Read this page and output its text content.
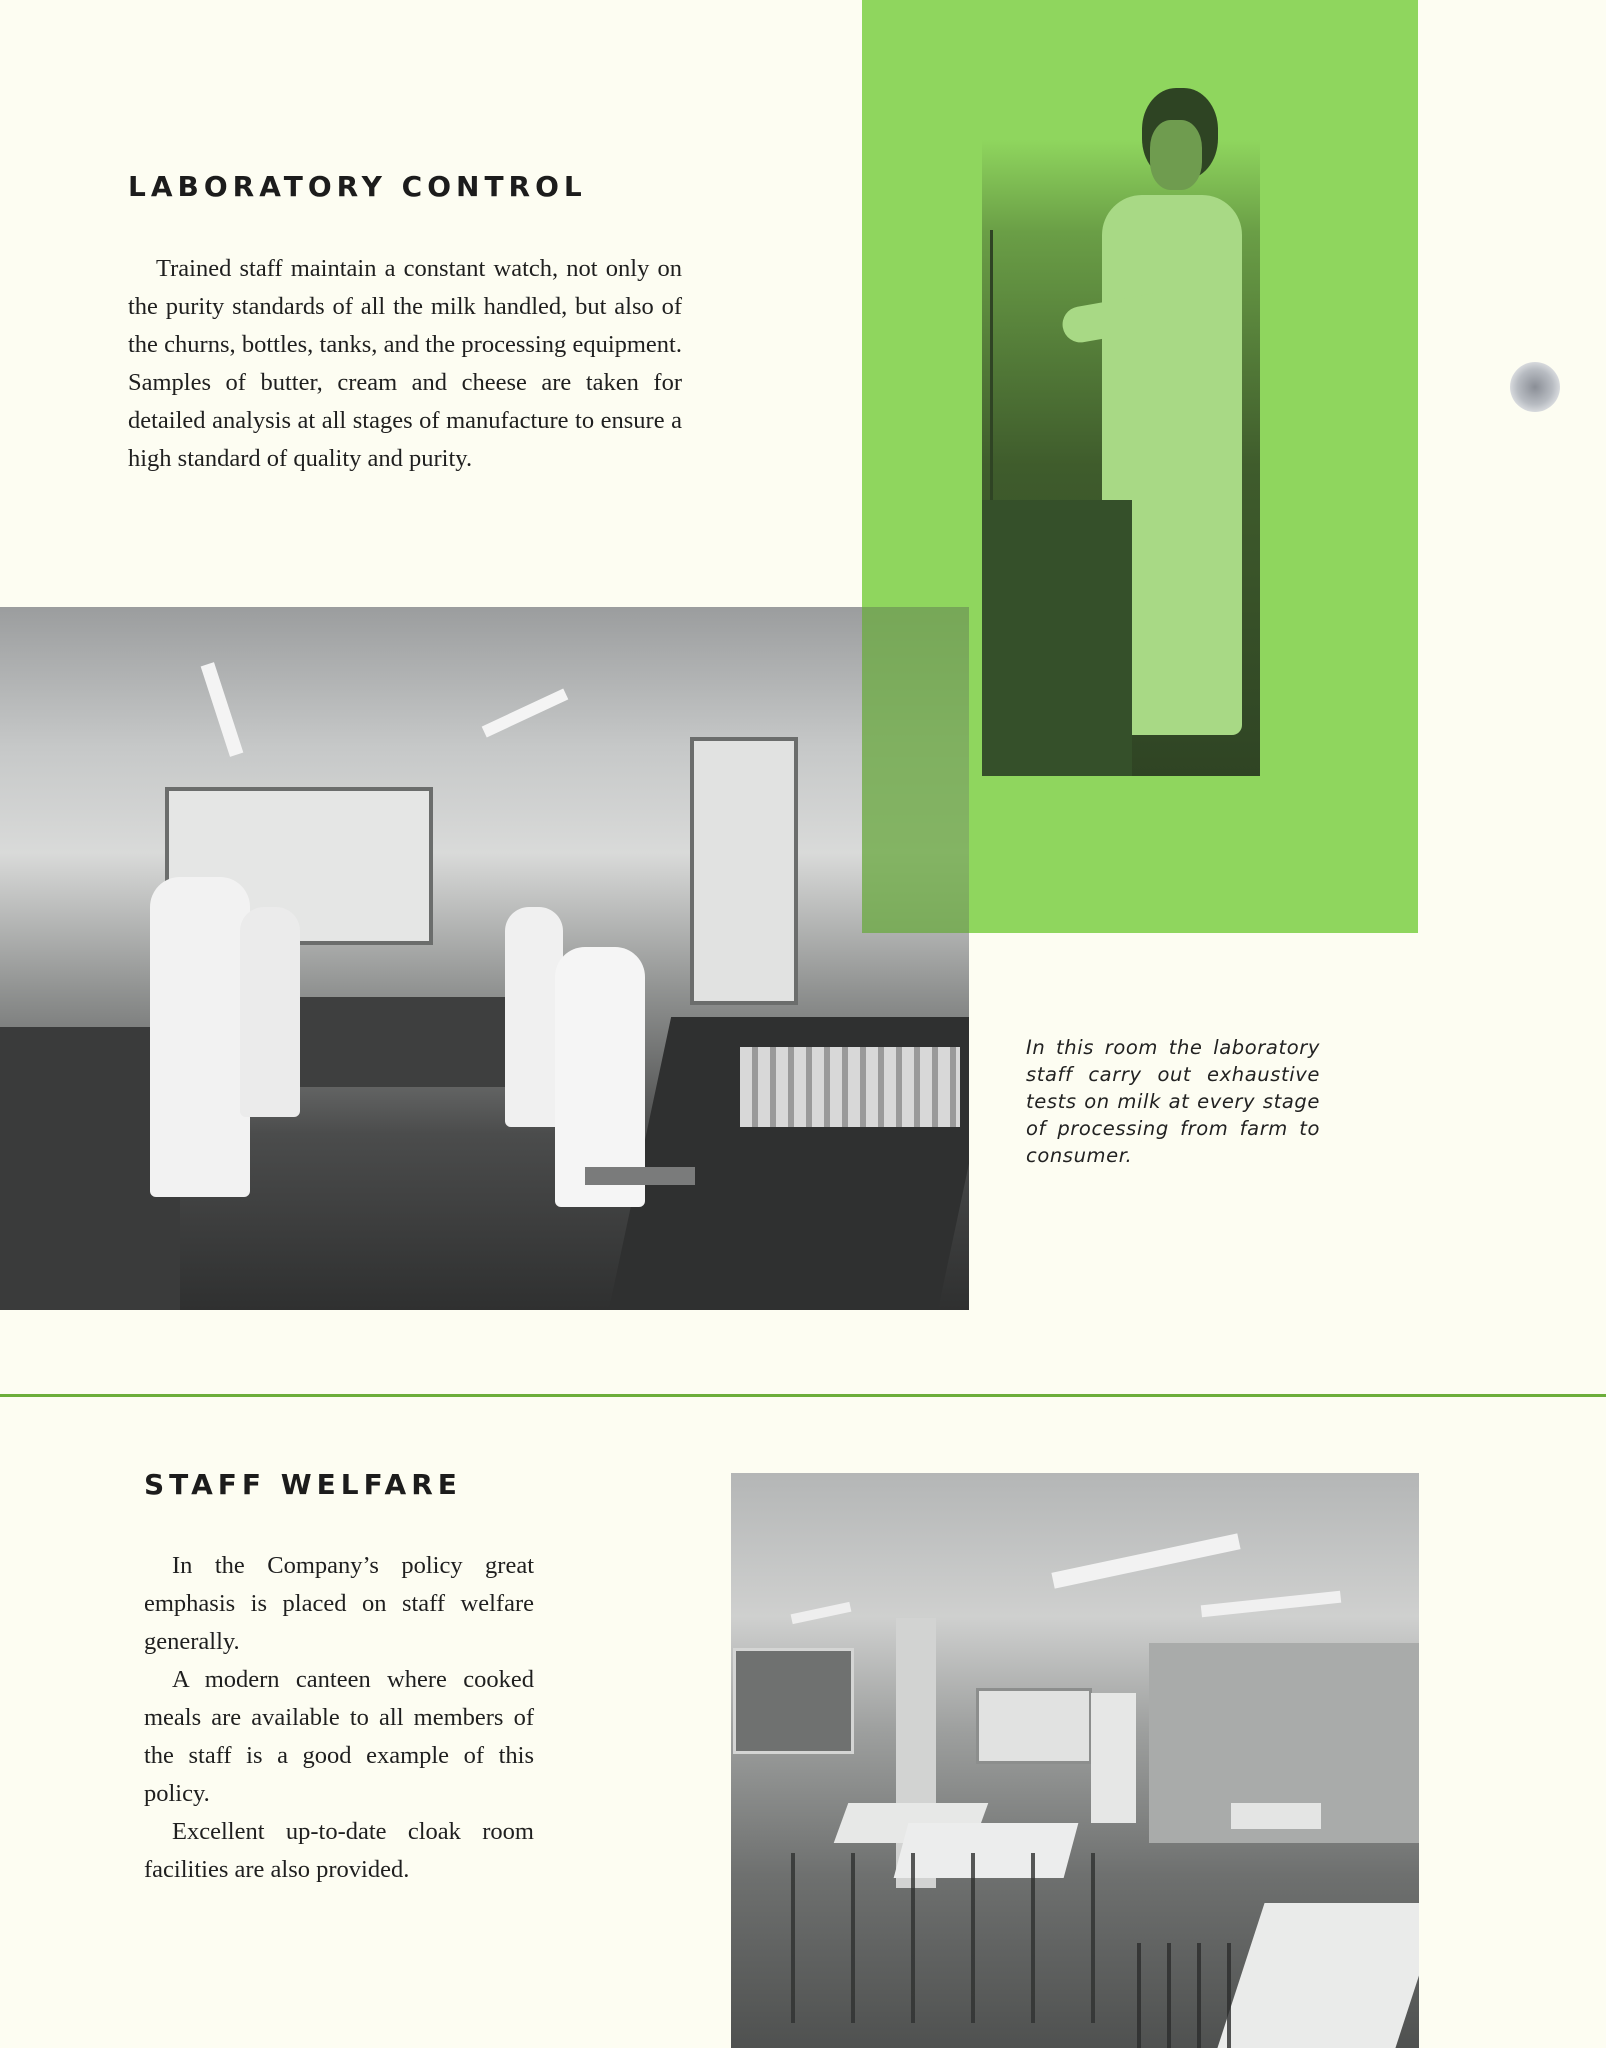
LABORATORY CONTROL

Trained staff maintain a constant watch, not only on the purity standards of all the milk handled, but also of the churns, bottles, tanks, and the processing equipment. Samples of butter, cream and cheese are taken for detailed analysis at all stages of manufacture to ensure a high standard of quality and purity.

In this room the laboratory staff carry out exhaustive tests on milk at every stage of processing from farm to consumer.
STAFF WELFARE

In the Company’s policy great emphasis is placed on staff welfare generally.

A modern canteen where cooked meals are available to all members of the staff is a good example of this policy.

Excellent up-to-date cloak room facilities are also provided.
